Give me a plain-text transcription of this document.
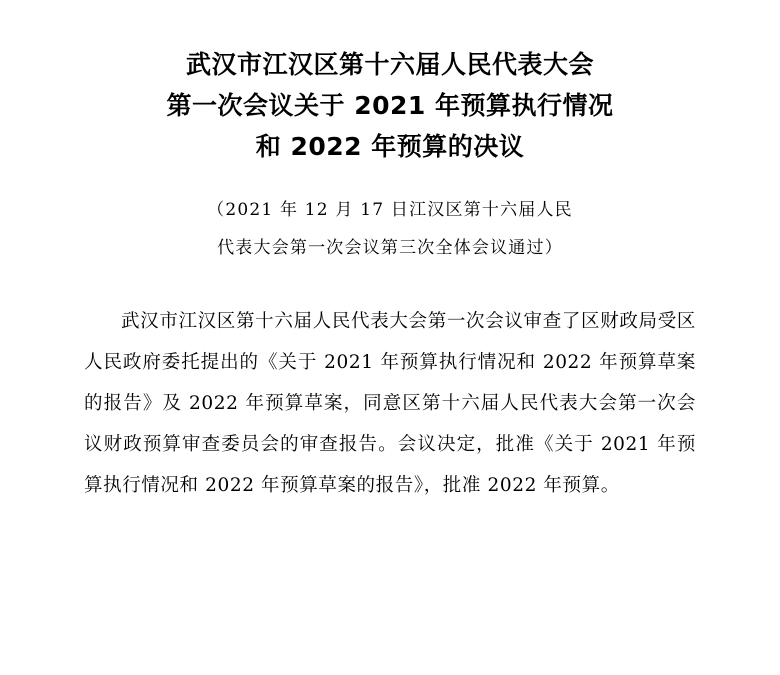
武汉市江汉区第十六届人民代表大会
第一次会议关于 2021 年预算执行情况
和 2022 年预算的决议
（2021 年 12 月 17 日江汉区第十六届人民
代表大会第一次会议第三次全体会议通过）

武汉市江汉区第十六届人民代表大会第一次会议审查了区财政局受区人民政府委托提出的《关于 2021 年预算执行情况和 2022 年预算草案的报告》及 2022 年预算草案，同意区第十六届人民代表大会第一次会议财政预算审查委员会的审查报告。会议决定，批准《关于 2021 年预算执行情况和 2022 年预算草案的报告》，批准 2022 年预算。
